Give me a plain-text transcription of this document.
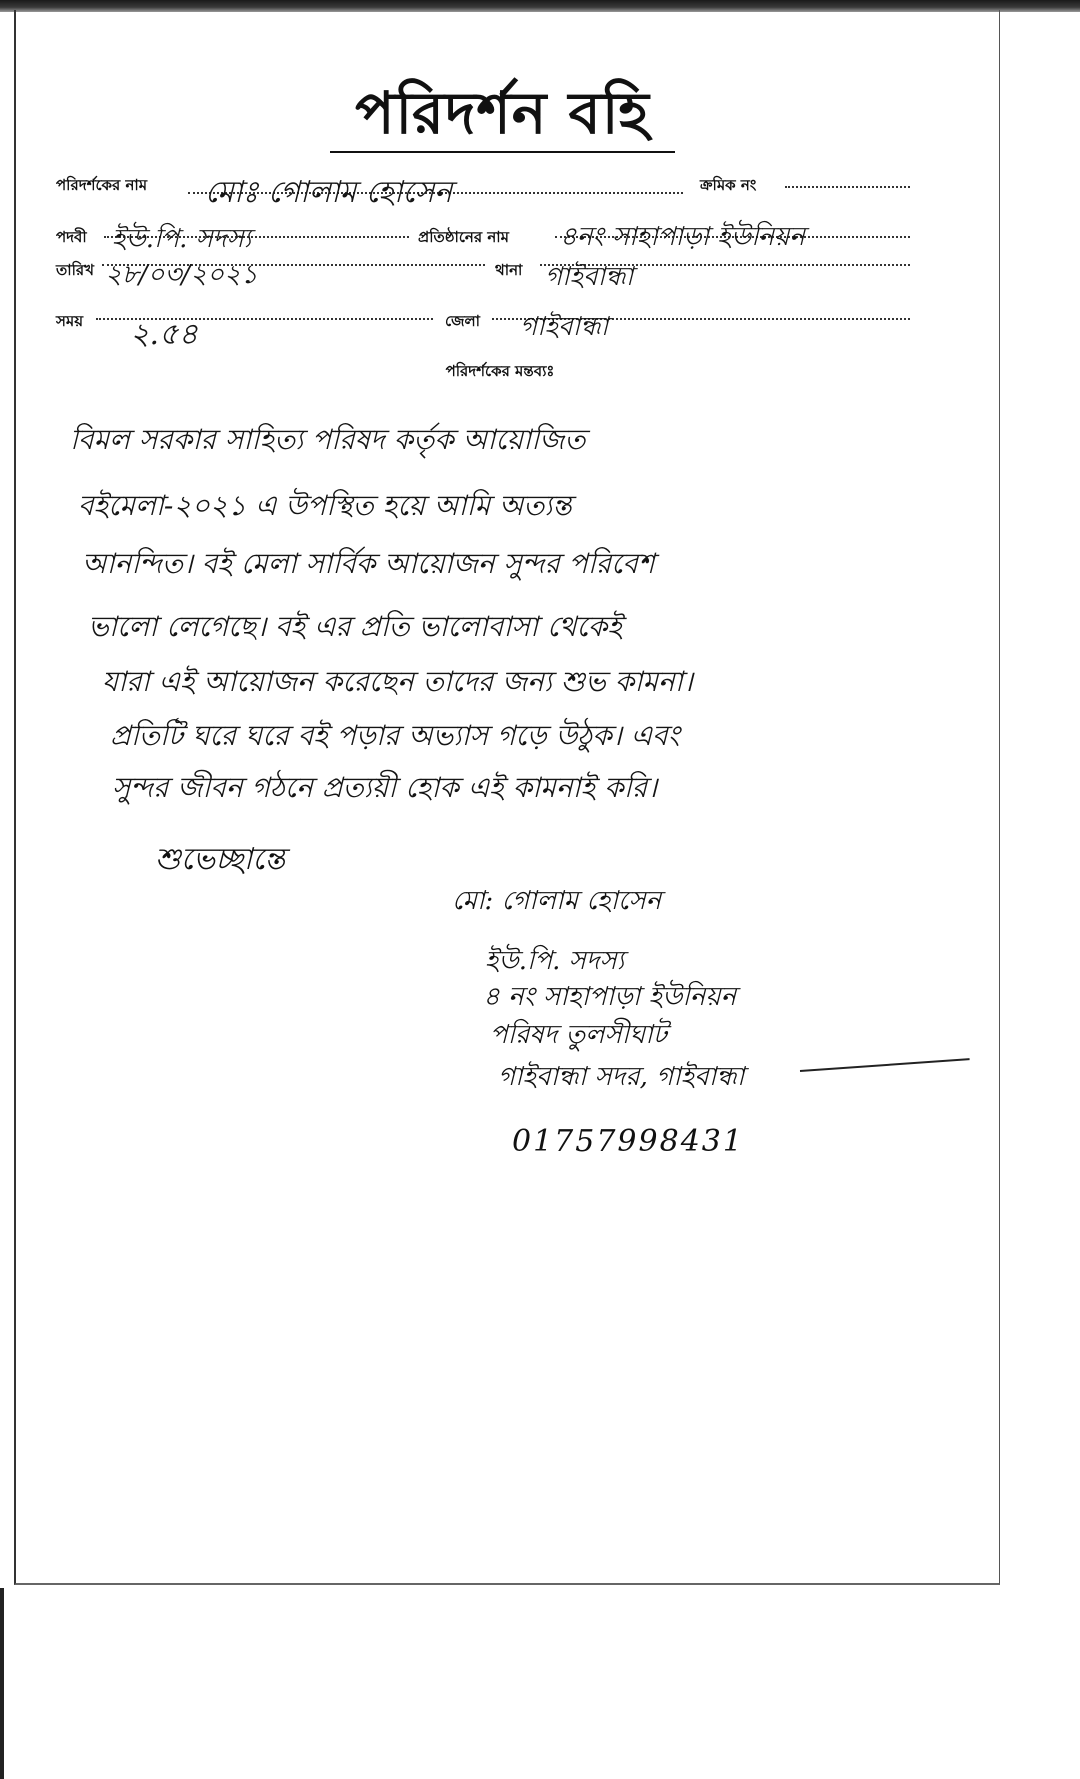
পরিদর্শন বহি
পরিদর্শকের নাম মোঃ গোলাম হোসেন	ক্রমিক নং
পদবী ইউ.পি. সদস্য	প্রতিষ্ঠানের নাম ৪নং সাহাপাড়া ইউনিয়ন
তারিখ ২৮/০৩/২০২১	থানা গাইবান্ধা
সময় ২.৫৪	জেলা গাইবান্ধা
পরিদর্শকের মন্তব্যঃ
বিমল সরকার সাহিত্য পরিষদ কর্তৃক আয়োজিত
বইমেলা-২০২১ এ উপস্থিত হয়ে আমি অত্যন্ত
আনন্দিত। বই মেলা সার্বিক আয়োজন সুন্দর পরিবেশ
ভালো লেগেছে। বই এর প্রতি ভালোবাসা থেকেই
যারা এই আয়োজন করেছেন তাদের জন্য শুভ কামনা।
প্রতিটি ঘরে ঘরে বই পড়ার অভ্যাস গড়ে উঠুক। এবং
সুন্দর জীবন গঠনে প্রত্যয়ী হোক এই কামনাই করি।
শুভেচ্ছান্তে
মো: গোলাম হোসেন
ইউ.পি. সদস্য
৪ নং সাহাপাড়া ইউনিয়ন
পরিষদ তুলসীঘাট
গাইবান্ধা সদর, গাইবান্ধা
01757998431
